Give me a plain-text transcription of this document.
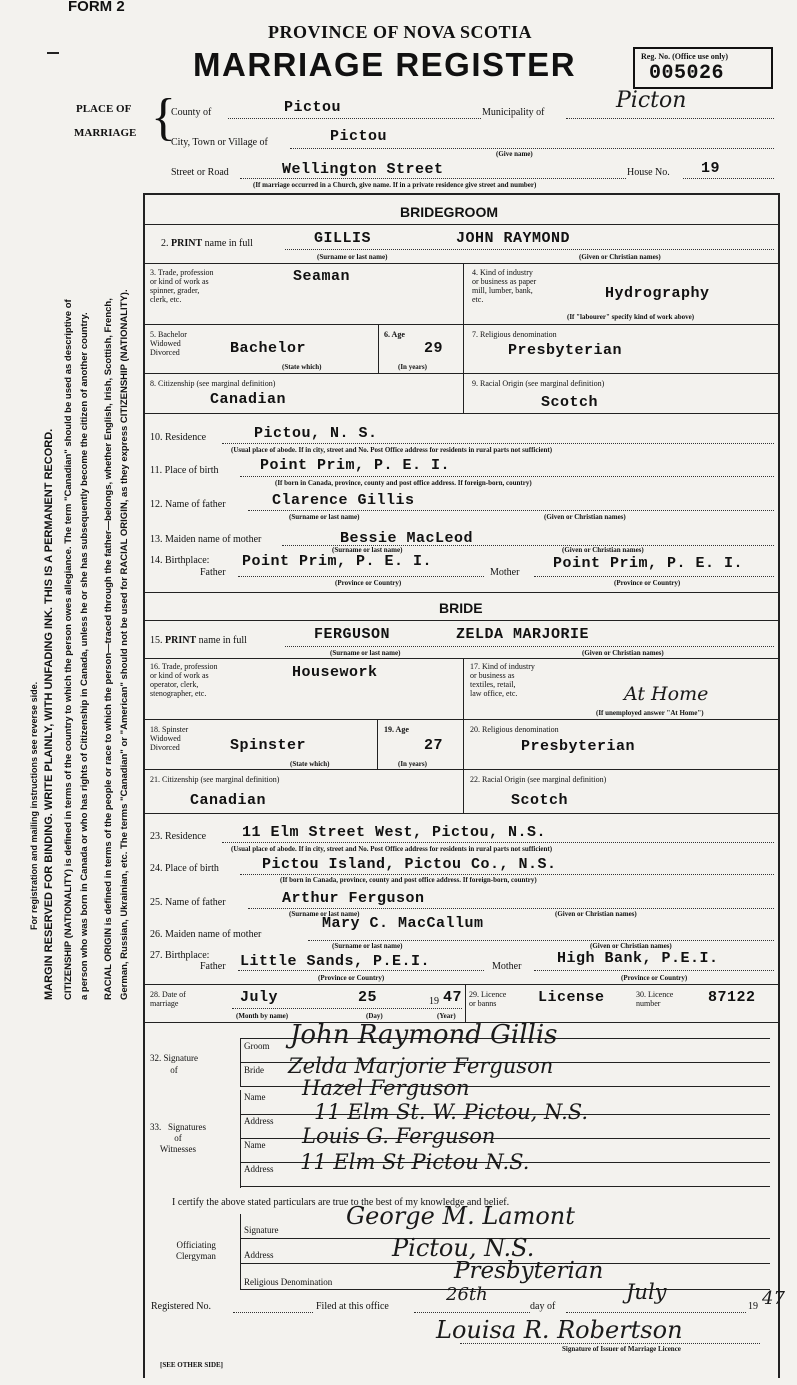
FORM 2
PROVINCE OF NOVA SCOTIA
MARRIAGE REGISTER	Reg. No. (Office use only)
005026
PLACE OF
MARRIAGE {
County of	Pictou	Municipality of	Picton
City, Town or Village of	Pictou
(Give name)
Street or Road	Wellington Street	House No. 19
(If marriage occurred in a Church, give name. If in a private residence give street and number)
For registration and mailing instructions see reverse side. MARGIN RESERVED FOR BINDING. WRITE PLAINLY, WITH UNFADING INK. THIS IS A PERMANENT RECORD. CITIZENSHIP (NATIONALITY) is defined in terms of the country to which the person owes allegiance. The term "Canadian" should be used as descriptive of a person who was born in Canada or who has rights of Citizenship in Canada, unless he or she has subsequently become the citizen of another country. RACIAL ORIGIN is defined in terms of the people or race to which the person—traced through the father—belongs, whether English, Irish, Scottish, French, German, Russian, Ukrainian, etc. The terms "Canadian" or "American" should not be used for RACIAL ORIGIN, as they express CITIZENSHIP (NATIONALITY).
BRIDEGROOM
2. PRINT name in full	GILLIS	JOHN RAYMOND
(Surname or last name)	(Given or Christian names)
3. Trade, profession
or kind of work as
spinner, grader,
clerk, etc.
Seaman	4. Kind of industry
or business as paper
mill, lumber, bank,
etc.	Hydrography
(If "labourer" specify kind of work above)
5. Bachelor
Widowed
Divorced	Bachelor
(State which)
6. Age
29
(In years)
7. Religious denomination
Presbyterian
8. Citizenship (see marginal definition)
Canadian
9. Racial Origin (see marginal definition)
Scotch
10. Residence	Pictou, N. S.
(Usual place of abode. If in city, street and No. Post Office address for residents in rural parts not sufficient)
11. Place of birth	Point Prim, P. E. I.
(If born in Canada, province, county and post office address. If foreign-born, country)
12. Name of father	Clarence Gillis
(Surname or last name)	(Given or Christian names)
13. Maiden name of mother	Bessie MacLeod
(Surname or last name)	(Given or Christian names)
14. Birthplace:
Father
Point Prim, P. E. I.
Mother
Point Prim, P. E. I.
(Province or Country)	(Province or Country)
BRIDE
15. PRINT name in full	FERGUSON	ZELDA MARJORIE
(Surname or last name)	(Given or Christian names)
16. Trade, profession
or kind of work as
operator, clerk,
stenographer, etc.
Housework	17. Kind of industry
or business as
textiles, retail,
law office, etc.	At Home
(If unemployed answer "At Home")
18. Spinster
Widowed
Divorced	Spinster
(State which)
19. Age
27
(In years)
20. Religious denomination
Presbyterian
21. Citizenship (see marginal definition)
Canadian
22. Racial Origin (see marginal definition)
Scotch
23. Residence 11 Elm Street West, Pictou, N.S.
(Usual place of abode. If in city, street and No. Post Office address for residents in rural parts not sufficient)
24. Place of birth	Pictou Island, Pictou Co., N.S.
(If born in Canada, province, county and post office address. If foreign-born, country)
25. Name of father	Arthur Ferguson
(Surname or last name)	(Given or Christian names)
26. Maiden name of mother
Mary C. MacCallum
(Surname or last name)	(Given or Christian names)
27. Birthplace:
Father Little Sands, P.E.I.	Mother High Bank, P.E.I.
(Province or Country)	(Province or Country)
28. Date of
marriage	July	25	19 47
(Month by name)	(Day)	(Year)
29. Licence
or banns	License	30. Licence
number	87122
32. Signature
of
Groom
Bride
John Raymond Gillis
Zelda Marjorie Ferguson
33.   Signatures
of
Witnesses
Name
Address
Name
Address
Hazel Ferguson
11 Elm St. W. Pictou, N.S.
Louis G. Ferguson
11 Elm St Pictou N.S.
I certify the above stated particulars are true to the best of my knowledge and belief.
Officiating
Clergyman
Signature
Address
Religious Denomination
George M. Lamont
Pictou, N.S.
Presbyterian
Registered No.	Filed at this office
26th
day of
July
19 47
Louisa R. Robertson
Signature of Issuer of Marriage Licence
[SEE OTHER SIDE]
